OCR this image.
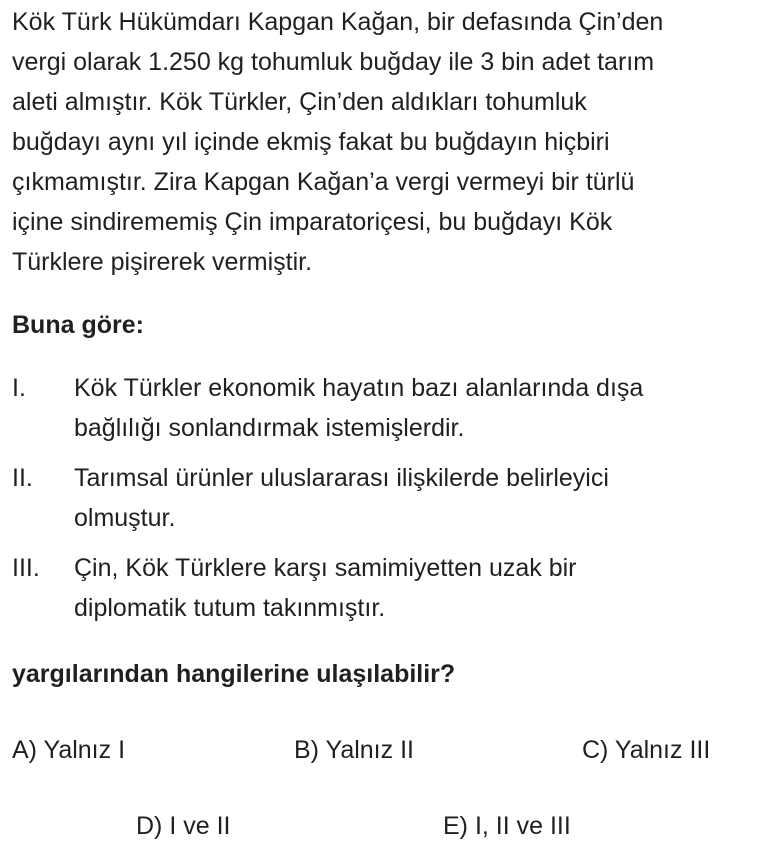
Kök Türk Hükümdarı Kapgan Kağan, bir defasında Çin’den
vergi olarak 1.250 kg tohumluk buğday ile 3 bin adet tarım
aleti almıştır. Kök Türkler, Çin’den aldıkları tohumluk
buğdayı aynı yıl içinde ekmiş fakat bu buğdayın hiçbiri
çıkmamıştır. Zira Kapgan Kağan’a vergi vermeyi bir türlü
içine sindirememiş Çin imparatoriçesi, bu buğdayı Kök
Türklere pişirerek vermiştir.
Buna göre:
I. Kök Türkler ekonomik hayatın bazı alanlarında dışa
bağlılığı sonlandırmak istemişlerdir.
II. Tarımsal ürünler uluslararası ilişkilerde belirleyici
olmuştur.
III. Çin, Kök Türklere karşı samimiyetten uzak bir
diplomatik tutum takınmıştır.
yargılarından hangilerine ulaşılabilir?
A) Yalnız I	B) Yalnız II	C) Yalnız III
D) I ve II	E) I, II ve III
